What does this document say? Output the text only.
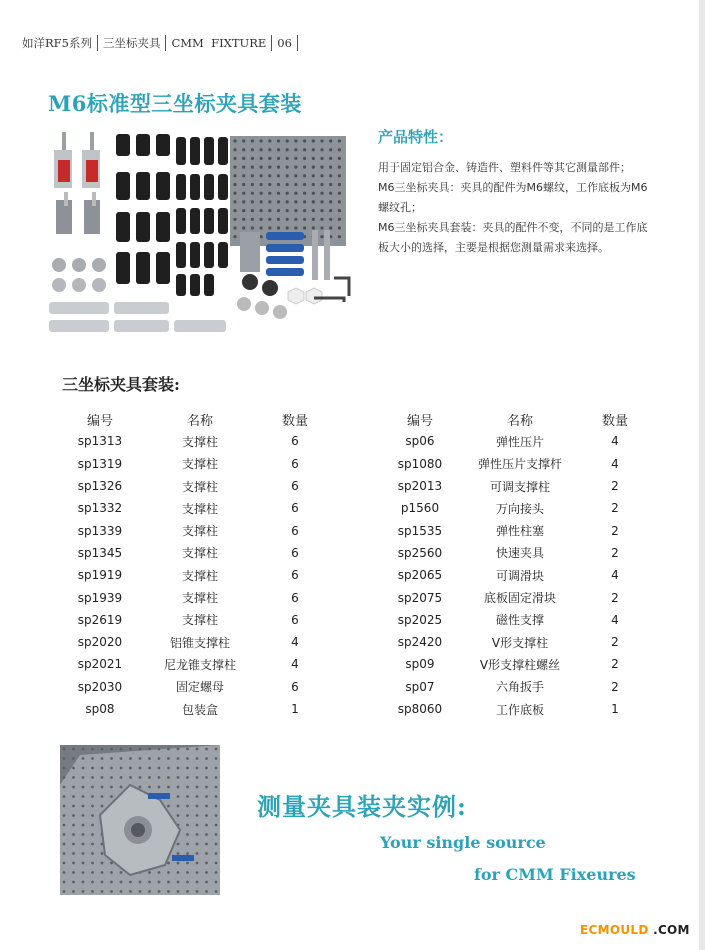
如洋RF5系列 三坐标夹具 CMM  FIXTURE 06
M6标准型三坐标夹具套装
产品特性：

用于固定铝合金、铸造件、塑料件等其它测量部件；

M6三坐标夹具：夹具的配件为M6螺纹，工作底板为M6螺纹孔；

M6三坐标夹具套装：夹具的配件不变，不同的是工作底板大小的选择，主要是根据您测量需求来选择。

三坐标夹具套装:
编号	名称	数量
sp1313	支撑柱	6
sp1319	支撑柱	6
sp1326	支撑柱	6
sp1332	支撑柱	6
sp1339	支撑柱	6
sp1345	支撑柱	6
sp1919	支撑柱	6
sp1939	支撑柱	6
sp2619	支撑柱	6
sp2020	铝锥支撑柱	4
sp2021	尼龙锥支撑柱	4
sp2030	固定螺母	6
sp08	包装盒	1
编号	名称	数量
sp06	弹性压片	4
sp1080	弹性压片支撑杆	4
sp2013	可调支撑柱	2
p1560	万向接头	2
sp1535	弹性柱塞	2
sp2560	快速夹具	2
sp2065	可调滑块	4
sp2075	底板固定滑块	2
sp2025	磁性支撑	4
sp2420	V形支撑柱	2
sp09	V形支撑柱螺丝	2
sp07	六角扳手	2
sp8060	工作底板	1
测量夹具装夹实例:
Your single source
for CMM Fixeures
ECMOULD .COM
